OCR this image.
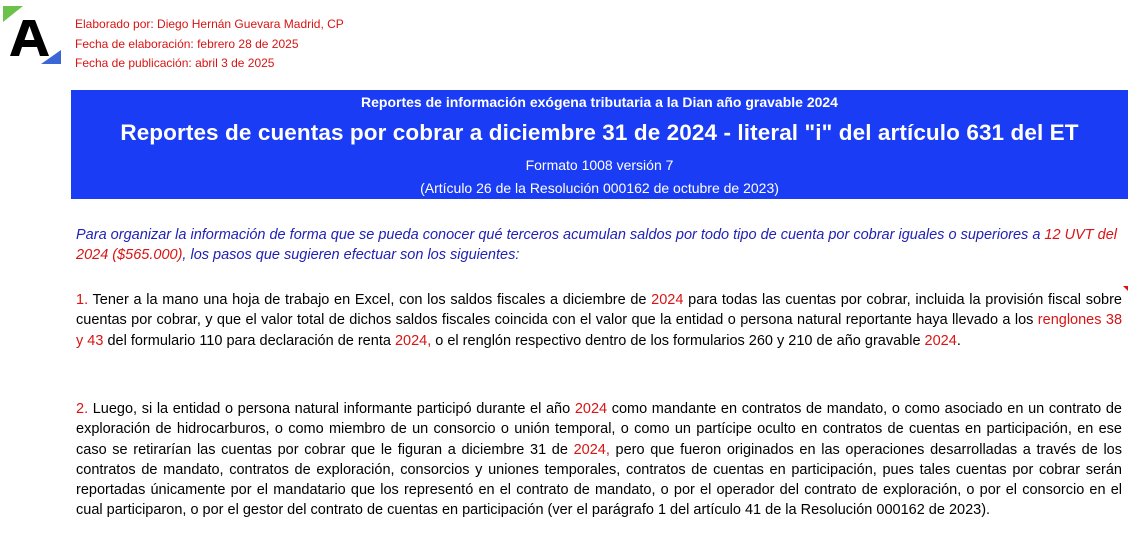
Elaborado por: Diego Hernán Guevara Madrid, CP
Fecha de elaboración: febrero 28 de 2025
Fecha de publicación: abril 3 de 2025
Reportes de información exógena tributaria a la Dian año gravable 2024
Reportes de cuentas por cobrar a diciembre 31 de 2024 - literal "i" del artículo 631 del ET
Formato 1008 versión 7
(Artículo 26 de la Resolución 000162 de octubre de 2023)
Para organizar la información de forma que se pueda conocer qué terceros acumulan saldos por todo tipo de cuenta por cobrar iguales o superiores a 12 UVT del 2024 ($565.000), los pasos que sugieren efectuar son los siguientes:
1. Tener a la mano una hoja de trabajo en Excel, con los saldos fiscales a diciembre de 2024 para todas las cuentas por cobrar, incluida la provisión fiscal sobre cuentas por cobrar, y que el valor total de dichos saldos fiscales coincida con el valor que la entidad o persona natural reportante haya llevado a los renglones 38 y 43 del formulario 110 para declaración de renta 2024, o el renglón respectivo dentro de los formularios 260 y 210 de año gravable 2024.
2. Luego, si la entidad o persona natural informante participó durante el año 2024 como mandante en contratos de mandato, o como asociado en un contrato de exploración de hidrocarburos, o como miembro de un consorcio o unión temporal, o como un partícipe oculto en contratos de cuentas en participación, en ese caso se retirarían las cuentas por cobrar que le figuran a diciembre 31 de 2024, pero que fueron originados en las operaciones desarrolladas a través de los contratos de mandato, contratos de exploración, consorcios y uniones temporales, contratos de cuentas en participación, pues tales cuentas por cobrar serán reportadas únicamente por el mandatario que los representó en el contrato de mandato, o por el operador del contrato de exploración, o por el consorcio en el cual participaron, o por el gestor del contrato de cuentas en participación (ver el parágrafo 1 del artículo 41 de la Resolución 000162 de 2023).
